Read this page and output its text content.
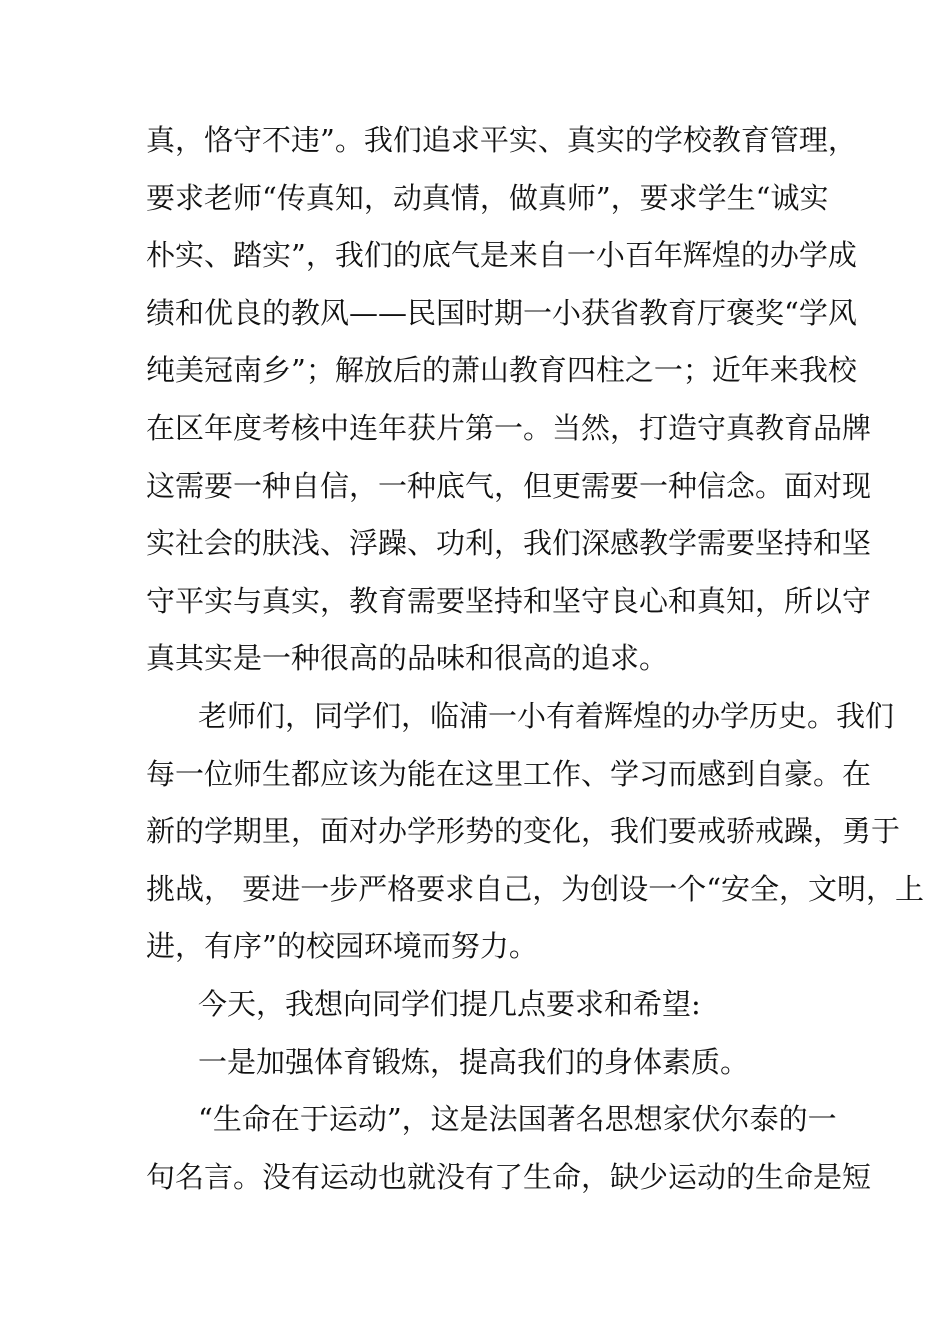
真，恪守不违”。我们追求平实、真实的学校教育管理，
要求老师“传真知，动真情，做真师”，要求学生“诚实
朴实、踏实”，我们的底气是来自一小百年辉煌的办学成
绩和优良的教风——民国时期一小获省教育厅褒奖“学风
纯美冠南乡”；解放后的萧山教育四柱之一；近年来我校
在区年度考核中连年获片第一。当然，打造守真教育品牌
这需要一种自信，一种底气，但更需要一种信念。面对现
实社会的肤浅、浮躁、功利，我们深感教学需要坚持和坚
守平实与真实，教育需要坚持和坚守良心和真知，所以守
真其实是一种很高的品味和很高的追求。
老师们，同学们，临浦一小有着辉煌的办学历史。我们
每一位师生都应该为能在这里工作、学习而感到自豪。在
新的学期里，面对办学形势的变化，我们要戒骄戒躁，勇于
挑战， 要进一步严格要求自己，为创设一个“安全，文明，上
进，有序”的校园环境而努力。
今天，我想向同学们提几点要求和希望:
一是加强体育锻炼，提高我们的身体素质。
“生命在于运动”，这是法国著名思想家伏尔泰的一
句名言。没有运动也就没有了生命，缺少运动的生命是短
